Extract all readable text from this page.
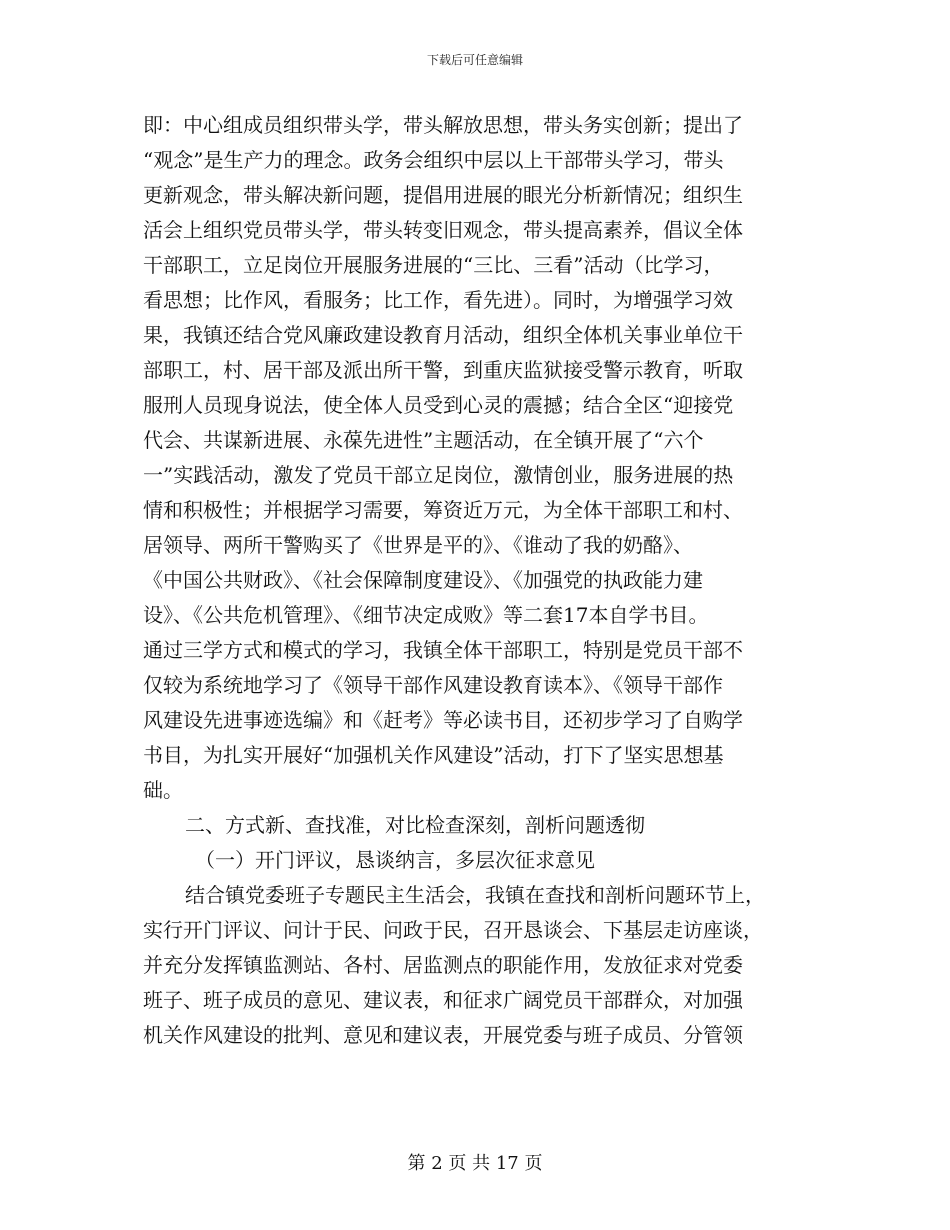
下载后可任意编辑
即：中心组成员组织带头学，带头解放思想，带头务实创新；提出了
“观念”是生产力的理念。政务会组织中层以上干部带头学习，带头
更新观念，带头解决新问题，提倡用进展的眼光分析新情况；组织生
活会上组织党员带头学，带头转变旧观念，带头提高素养，倡议全体
干部职工，立足岗位开展服务进展的“三比、三看”活动（比学习，
看思想；比作风，看服务；比工作，看先进）。同时，为增强学习效
果，我镇还结合党风廉政建设教育月活动，组织全体机关事业单位干
部职工，村、居干部及派出所干警，到重庆监狱接受警示教育，听取
服刑人员现身说法，使全体人员受到心灵的震撼；结合全区“迎接党
代会、共谋新进展、永葆先进性”主题活动，在全镇开展了“六个
一”实践活动，激发了党员干部立足岗位，激情创业，服务进展的热
情和积极性；并根据学习需要，筹资近万元，为全体干部职工和村、
居领导、两所干警购买了《世界是平的》、《谁动了我的奶酪》、
《中国公共财政》、《社会保障制度建设》、《加强党的执政能力建
设》、《公共危机管理》、《细节决定成败》等二套17本自学书目。
通过三学方式和模式的学习，我镇全体干部职工，特别是党员干部不
仅较为系统地学习了《领导干部作风建设教育读本》、《领导干部作
风建设先进事迹选编》和《赶考》等必读书目，还初步学习了自购学
书目，为扎实开展好“加强机关作风建设”活动，打下了坚实思想基
础。
二、方式新、查找准，对比检查深刻，剖析问题透彻
（一）开门评议，恳谈纳言，多层次征求意见
结合镇党委班子专题民主生活会，我镇在查找和剖析问题环节上，
实行开门评议、问计于民、问政于民，召开恳谈会、下基层走访座谈，
并充分发挥镇监测站、各村、居监测点的职能作用，发放征求对党委
班子、班子成员的意见、建议表，和征求广阔党员干部群众，对加强
机关作风建设的批判、意见和建议表，开展党委与班子成员、分管领
第 2 页 共 17 页
